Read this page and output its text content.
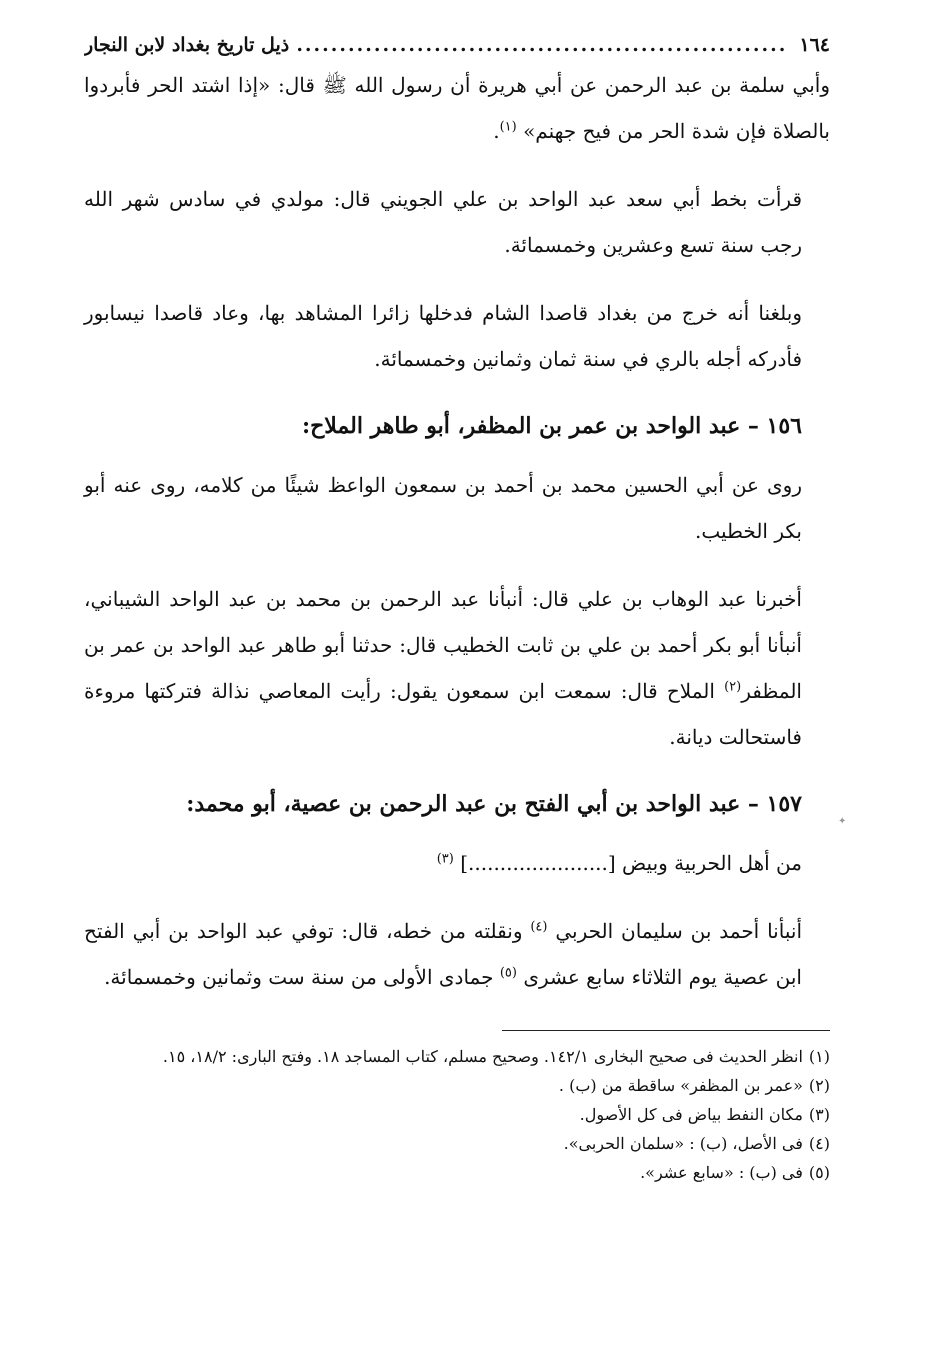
١٦٤
.....
ذيل تاريخ بغداد لابن النجار

وأبي سلمة بن عبد الرحمن عن أبي هريرة أن رسول الله ﷺ قال: «إذا اشتد الحر فأبردوا بالصلاة فإن شدة الحر من فيح جهنم» $^{(١)}$.

قرأت بخط أبي سعد عبد الواحد بن علي الجويني قال: مولدي في سادس شهر الله رجب سنة تسع وعشرين وخمسمائة.

وبلغنا أنه خرج من بغداد قاصدا الشام فدخلها زائرا المشاهد بها، وعاد قاصدا نيسابور فأدركه أجله بالري في سنة ثمان وثمانين وخمسمائة.

١٥٦ – عبد الواحد بن عمر بن المظفر، أبو طاهر الملاح:

روى عن أبي الحسين محمد بن أحمد بن سمعون الواعظ شيئًا من كلامه، روى عنه أبو بكر الخطيب.

أخبرنا عبد الوهاب بن علي قال: أنبأنا عبد الرحمن بن محمد بن عبد الواحد الشيباني، أنبأنا أبو بكر أحمد بن علي بن ثابت الخطيب قال: حدثنا أبو طاهر عبد الواحد بن عمر بن المظفر$^{(٢)}$ الملاح قال: سمعت ابن سمعون يقول: رأيت المعاصي نذالة فتركتها مروءة فاستحالت ديانة.

١٥٧ – عبد الواحد بن أبي الفتح بن عبد الرحمن بن عصية، أبو محمد:

من أهل الحربية وبيض [......................] $^{(٣)}$

أنبأنا أحمد بن سليمان الحربي $^{(٤)}$ ونقلته من خطه، قال: توفي عبد الواحد بن أبي الفتح ابن عصية يوم الثلاثاء سابع عشرى $^{(٥)}$ جمادى الأولى من سنة ست وثمانين وخمسمائة.

(١)انظر الحديث فى صحيح البخارى ١٤٢/١. وصحيح مسلم، كتاب المساجد ١٨. وفتح البارى: ١٨/٢، ١٥.

(٢)«عمر بن المظفر» ساقطة من (ب) .

(٣)مكان النفط بياض فى كل الأصول.

(٤)فى الأصل، (ب) : «سلمان الحربى».

(٥)فى (ب) : «سابع عشر».

✦
